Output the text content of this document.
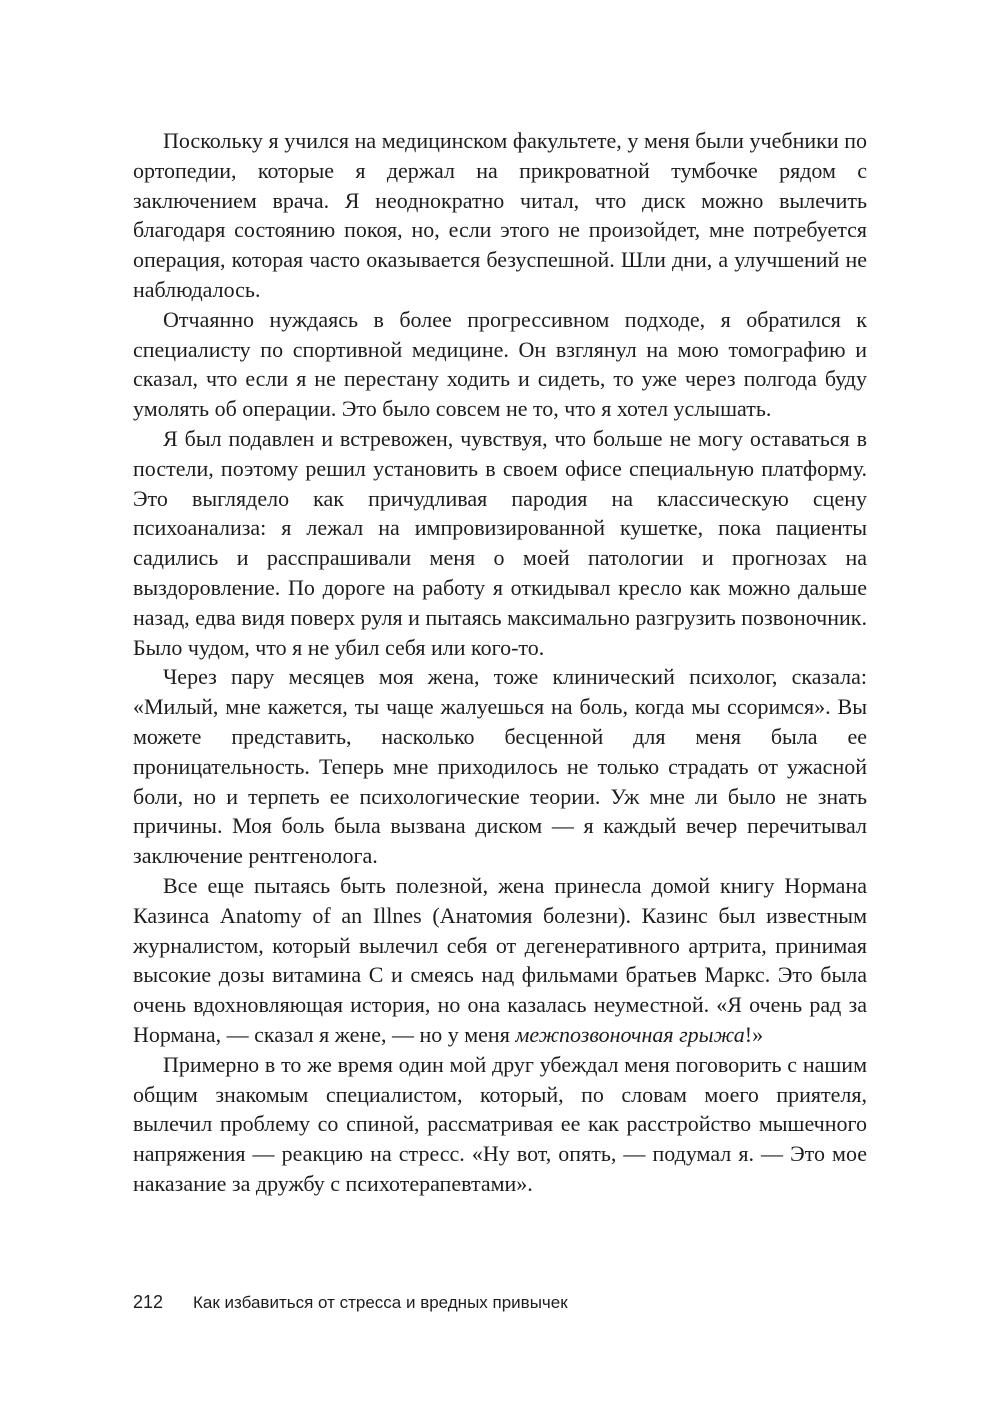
Поскольку я учился на медицинском факультете, у меня были учебники по ортопедии, которые я держал на прикроватной тумбочке рядом с заключением врача. Я неоднократно читал, что диск можно вылечить благодаря состоянию покоя, но, если этого не произойдет, мне потребуется операция, которая часто оказывается безуспешной. Шли дни, а улучшений не наблюдалось.

Отчаянно нуждаясь в более прогрессивном подходе, я обратился к специалисту по спортивной медицине. Он взглянул на мою томографию и сказал, что если я не перестану ходить и сидеть, то уже через полгода буду умолять об операции. Это было совсем не то, что я хотел услышать.

Я был подавлен и встревожен, чувствуя, что больше не могу оставаться в постели, поэтому решил установить в своем офисе специальную платформу. Это выглядело как причудливая пародия на классическую сцену психоанализа: я лежал на импровизированной кушетке, пока пациенты садились и расспрашивали меня о моей патологии и прогнозах на выздоровление. По дороге на работу я откидывал кресло как можно дальше назад, едва видя поверх руля и пытаясь максимально разгрузить позвоночник. Было чудом, что я не убил себя или кого-то.

Через пару месяцев моя жена, тоже клинический психолог, сказала: «Милый, мне кажется, ты чаще жалуешься на боль, когда мы ссоримся». Вы можете представить, насколько бесценной для меня была ее проницательность. Теперь мне приходилось не только страдать от ужасной боли, но и терпеть ее психологические теории. Уж мне ли было не знать причины. Моя боль была вызвана диском — я каждый вечер перечитывал заключение рентгенолога.

Все еще пытаясь быть полезной, жена принесла домой книгу Нормана Казинса Anatomy of an Illnes (Анатомия болезни). Казинс был известным журналистом, который вылечил себя от дегенеративного артрита, принимая высокие дозы витамина С и смеясь над фильмами братьев Маркс. Это была очень вдохновляющая история, но она казалась неуместной. «Я очень рад за Нормана, — сказал я жене, — но у меня межпозвоночная грыжа!»

Примерно в то же время один мой друг убеждал меня поговорить с нашим общим знакомым специалистом, который, по словам моего приятеля, вылечил проблему со спиной, рассматривая ее как расстройство мышечного напряжения — реакцию на стресс. «Ну вот, опять, — подумал я. — Это мое наказание за дружбу с психотерапевтами».

212 Как избавиться от стресса и вредных привычек
